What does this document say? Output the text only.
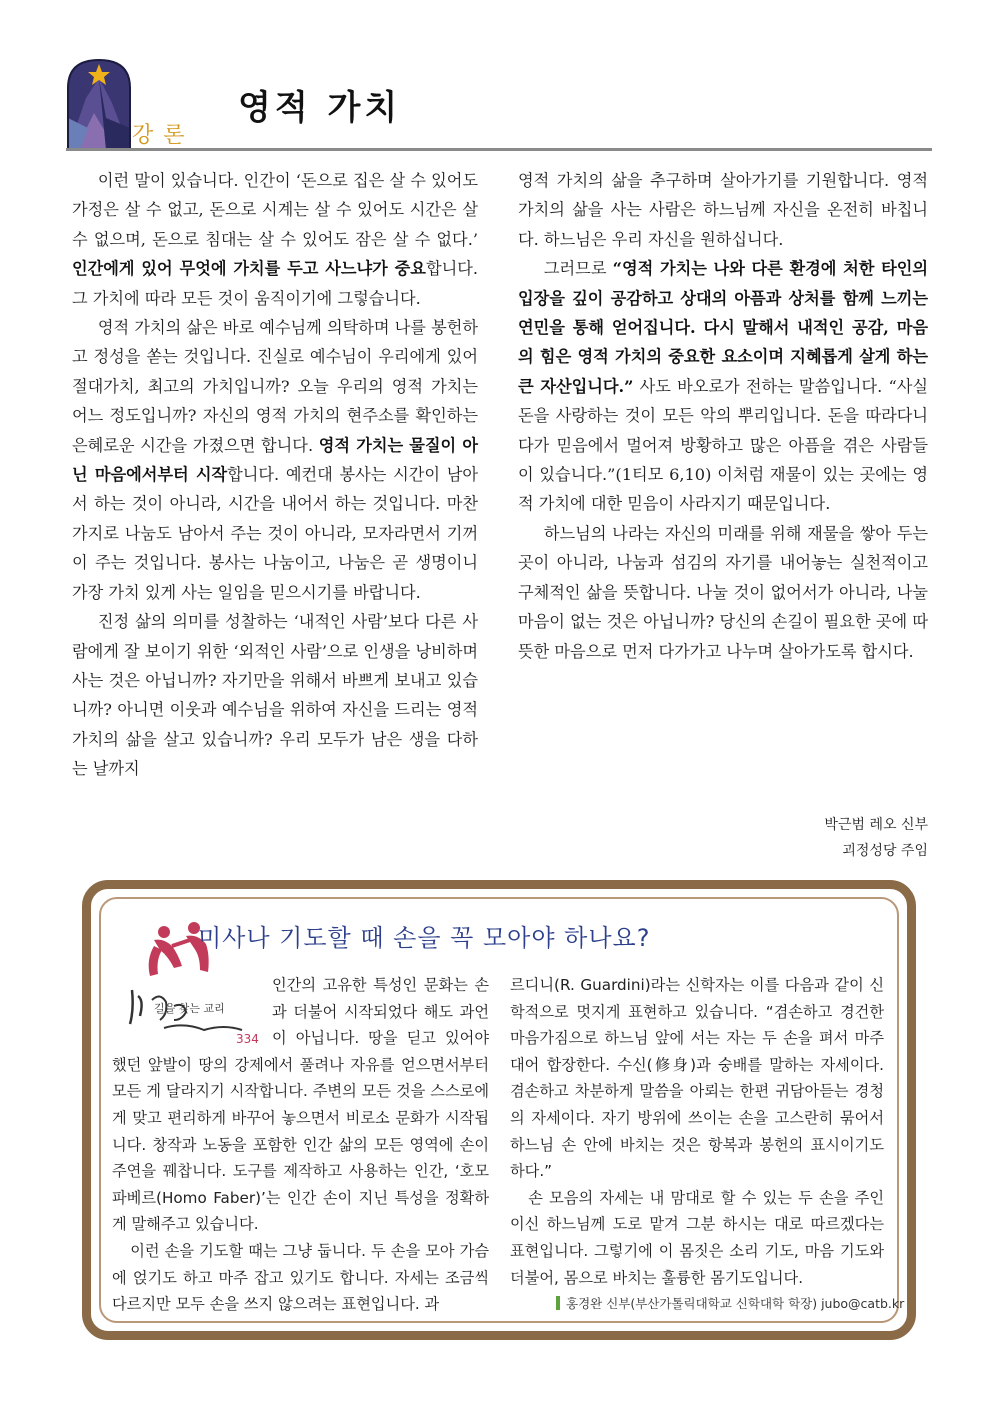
강론
영적 가치

이런 말이 있습니다. 인간이 ‘돈으로 집은 살 수 있어도 가정은 살 수 없고, 돈으로 시계는 살 수 있어도 시간은 살 수 없으며, 돈으로 침대는 살 수 있어도 잠은 살 수 없다.’ 인간에게 있어 무엇에 가치를 두고 사느냐가 중요합니다. 그 가치에 따라 모든 것이 움직이기에 그렇습니다.

영적 가치의 삶은 바로 예수님께 의탁하며 나를 봉헌하고 정성을 쏟는 것입니다. 진실로 예수님이 우리에게 있어 절대가치, 최고의 가치입니까? 오늘 우리의 영적 가치는 어느 정도입니까? 자신의 영적 가치의 현주소를 확인하는 은혜로운 시간을 가졌으면 합니다. 영적 가치는 물질이 아닌 마음에서부터 시작합니다. 예컨대 봉사는 시간이 남아서 하는 것이 아니라, 시간을 내어서 하는 것입니다. 마찬가지로 나눔도 남아서 주는 것이 아니라, 모자라면서 기꺼이 주는 것입니다. 봉사는 나눔이고, 나눔은 곧 생명이니 가장 가치 있게 사는 일임을 믿으시기를 바랍니다.

진정 삶의 의미를 성찰하는 ‘내적인 사람’보다 다른 사람에게 잘 보이기 위한 ‘외적인 사람’으로 인생을 낭비하며 사는 것은 아닙니까? 자기만을 위해서 바쁘게 보내고 있습니까? 아니면 이웃과 예수님을 위하여 자신을 드리는 영적 가치의 삶을 살고 있습니까? 우리 모두가 남은 생을 다하는 날까지

영적 가치의 삶을 추구하며 살아가기를 기원합니다. 영적 가치의 삶을 사는 사람은 하느님께 자신을 온전히 바칩니다. 하느님은 우리 자신을 원하십니다.

그러므로 “영적 가치는 나와 다른 환경에 처한 타인의 입장을 깊이 공감하고 상대의 아픔과 상처를 함께 느끼는 연민을 통해 얻어집니다. 다시 말해서 내적인 공감, 마음의 힘은 영적 가치의 중요한 요소이며 지혜롭게 살게 하는 큰 자산입니다.” 사도 바오로가 전하는 말씀입니다. “사실 돈을 사랑하는 것이 모든 악의 뿌리입니다. 돈을 따라다니다가 믿음에서 멀어져 방황하고 많은 아픔을 겪은 사람들이 있습니다.”(1티모 6,10) 이처럼 재물이 있는 곳에는 영적 가치에 대한 믿음이 사라지기 때문입니다.

하느님의 나라는 자신의 미래를 위해 재물을 쌓아 두는 곳이 아니라, 나눔과 섬김의 자기를 내어놓는 실천적이고 구체적인 삶을 뜻합니다. 나눌 것이 없어서가 아니라, 나눌 마음이 없는 것은 아닙니까? 당신의 손길이 필요한 곳에 따뜻한 마음으로 먼저 다가가고 나누며 살아가도록 합시다.

박근범 레오 신부
괴정성당 주임
길을 찾는 교리
334
미사나 기도할 때 손을 꼭 모아야 하나요?

인간의 고유한 특성인 문화는 손과 더불어 시작되었다 해도 과언이 아닙니다. 땅을 딛고 있어야 했던 앞발이 땅의 강제에서 풀려나 자유를 얻으면서부터 모든 게 달라지기 시작합니다. 주변의 모든 것을 스스로에게 맞고 편리하게 바꾸어 놓으면서 비로소 문화가 시작됩니다. 창작과 노동을 포함한 인간 삶의 모든 영역에 손이 주연을 꿰찹니다. 도구를 제작하고 사용하는 인간, ‘호모 파베르(Homo Faber)’는 인간 손이 지닌 특성을 정확하게 말해주고 있습니다.

이런 손을 기도할 때는 그냥 둡니다. 두 손을 모아 가슴에 얹기도 하고 마주 잡고 있기도 합니다. 자세는 조금씩 다르지만 모두 손을 쓰지 않으려는 표현입니다. 과

르디니(R. Guardini)라는 신학자는 이를 다음과 같이 신학적으로 멋지게 표현하고 있습니다. “겸손하고 경건한 마음가짐으로 하느님 앞에 서는 자는 두 손을 펴서 마주 대어 합장한다. 수신(修身)과 숭배를 말하는 자세이다. 겸손하고 차분하게 말씀을 아뢰는 한편 귀담아듣는 경청의 자세이다. 자기 방위에 쓰이는 손을 고스란히 묶어서 하느님 손 안에 바치는 것은 항복과 봉헌의 표시이기도 하다.”

손 모음의 자세는 내 맘대로 할 수 있는 두 손을 주인이신 하느님께 도로 맡겨 그분 하시는 대로 따르겠다는 표현입니다. 그렇기에 이 몸짓은 소리 기도, 마음 기도와 더불어, 몸으로 바치는 훌륭한 몸기도입니다.

홍경완 신부(부산가톨릭대학교 신학대학 학장) jubo@catb.kr
